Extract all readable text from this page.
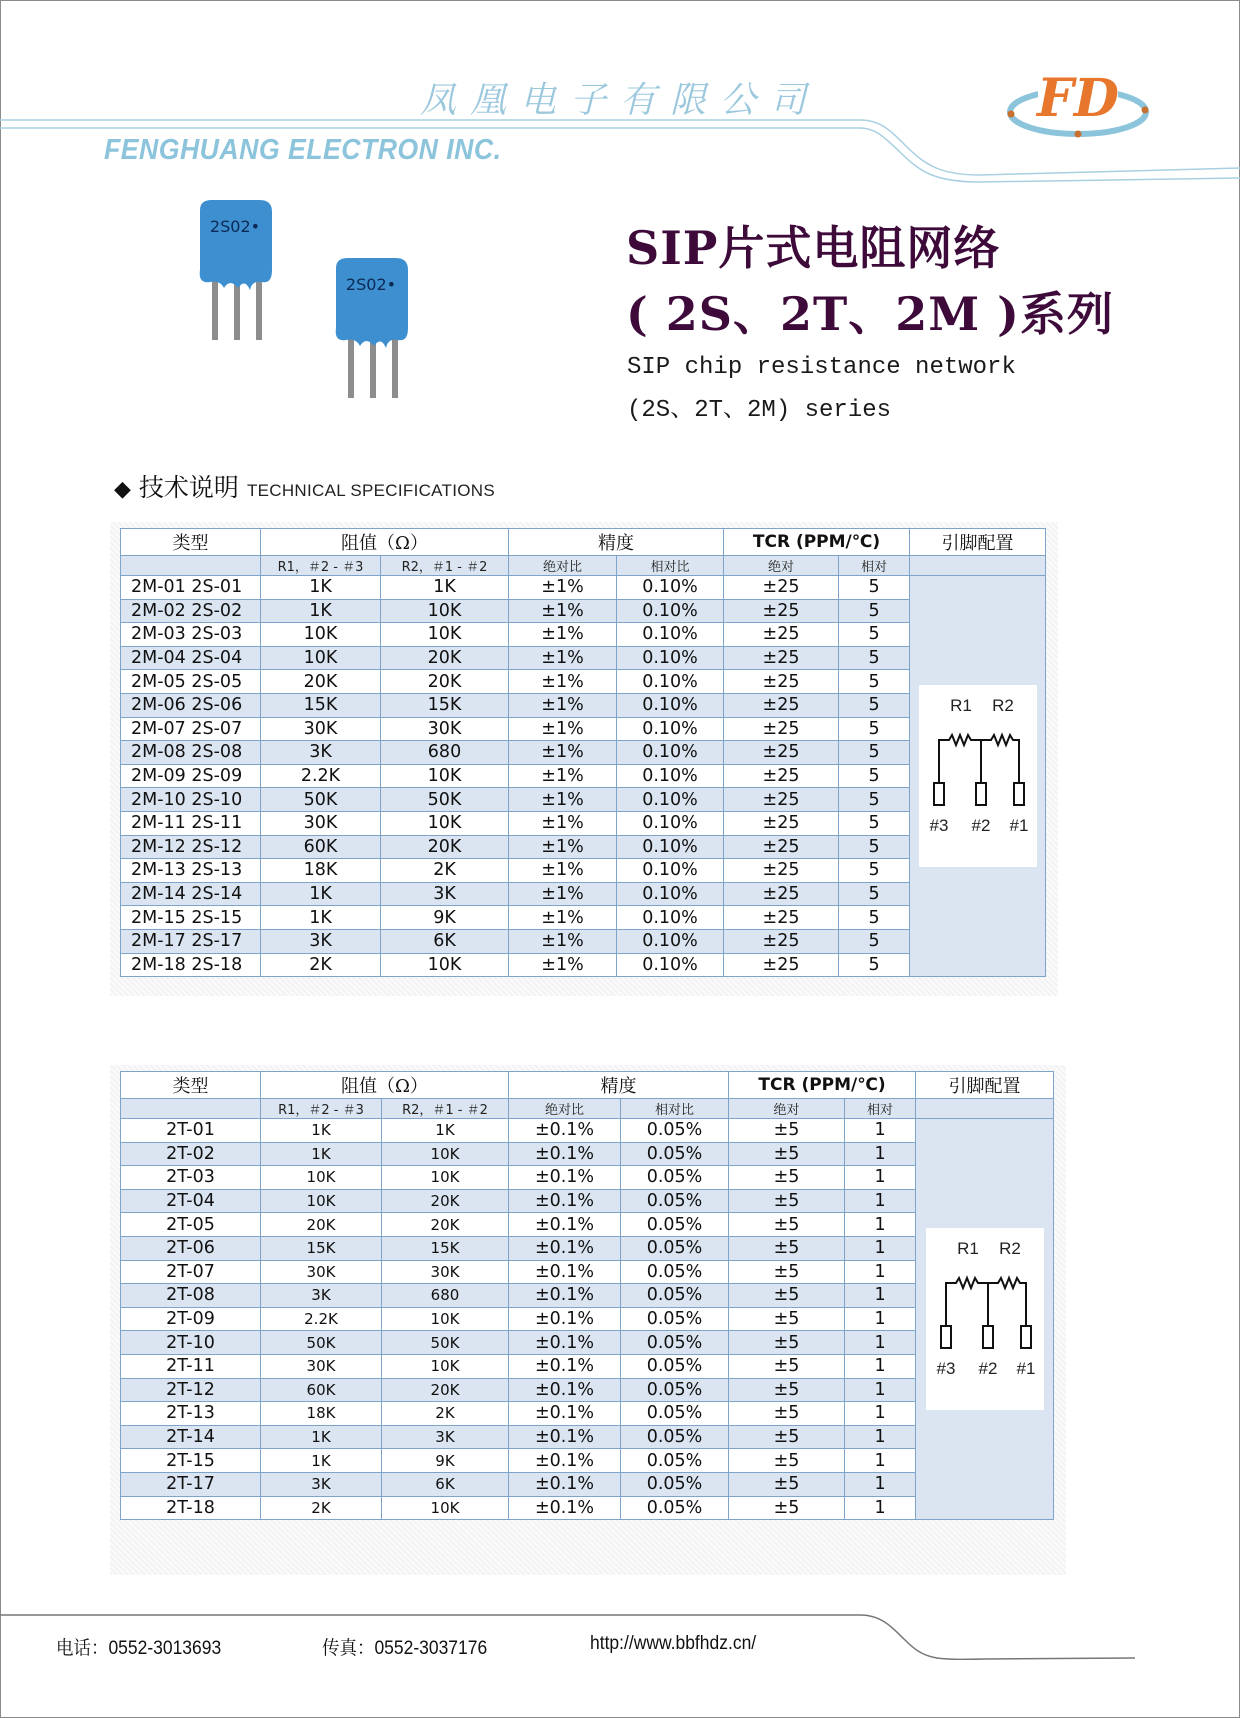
凤凰电子有限公司
FENGHUANG ELECTRON INC.
FD
2S02•
2S02•
SIP片式电阻网络
( 2S、2T、2M )系列
SIP chip resistance network
(2S、2T、2M) series
◆ 技术说明 TECHNICAL SPECIFICATIONS
类型	阻值（Ω）		精度		TCR (PPM/℃)		引脚配置
	R1，＃2 - ＃3	R2，＃1 - ＃2	绝对比	相对比	绝对	相对	
2M-01 2S-01	1K	1K	±1%	0.10%	±25	5	R1 R2
#3 #2 #1

2M-02 2S-02	1K	10K	±1%	0.10%	±25	5	
2M-03 2S-03	10K	10K	±1%	0.10%	±25	5	
2M-04 2S-04	10K	20K	±1%	0.10%	±25	5	
2M-05 2S-05	20K	20K	±1%	0.10%	±25	5	
2M-06 2S-06	15K	15K	±1%	0.10%	±25	5	
2M-07 2S-07	30K	30K	±1%	0.10%	±25	5	
2M-08 2S-08	3K	680	±1%	0.10%	±25	5	
2M-09 2S-09	2.2K	10K	±1%	0.10%	±25	5	
2M-10 2S-10	50K	50K	±1%	0.10%	±25	5	
2M-11 2S-11	30K	10K	±1%	0.10%	±25	5	
2M-12 2S-12	60K	20K	±1%	0.10%	±25	5	
2M-13 2S-13	18K	2K	±1%	0.10%	±25	5	
2M-14 2S-14	1K	3K	±1%	0.10%	±25	5	
2M-15 2S-15	1K	9K	±1%	0.10%	±25	5	
2M-17 2S-17	3K	6K	±1%	0.10%	±25	5	
2M-18 2S-18	2K	10K	±1%	0.10%	±25	5	
类型	阻值（Ω）		精度		TCR (PPM/℃)		引脚配置
	R1，＃2 - ＃3	R2，＃1 - ＃2	绝对比	相对比	绝对	相对	
2T-01	1K	1K	±0.1%	0.05%	±5	1	R1 R2
#3 #2 #1

2T-02	1K	10K	±0.1%	0.05%	±5	1	
2T-03	10K	10K	±0.1%	0.05%	±5	1	
2T-04	10K	20K	±0.1%	0.05%	±5	1	
2T-05	20K	20K	±0.1%	0.05%	±5	1	
2T-06	15K	15K	±0.1%	0.05%	±5	1	
2T-07	30K	30K	±0.1%	0.05%	±5	1	
2T-08	3K	680	±0.1%	0.05%	±5	1	
2T-09	2.2K	10K	±0.1%	0.05%	±5	1	
2T-10	50K	50K	±0.1%	0.05%	±5	1	
2T-11	30K	10K	±0.1%	0.05%	±5	1	
2T-12	60K	20K	±0.1%	0.05%	±5	1	
2T-13	18K	2K	±0.1%	0.05%	±5	1	
2T-14	1K	3K	±0.1%	0.05%	±5	1	
2T-15	1K	9K	±0.1%	0.05%	±5	1	
2T-17	3K	6K	±0.1%	0.05%	±5	1	
2T-18	2K	10K	±0.1%	0.05%	±5	1	
电话：0552-3013693	传真：0552-3037176	http://www.bbfhdz.cn/
